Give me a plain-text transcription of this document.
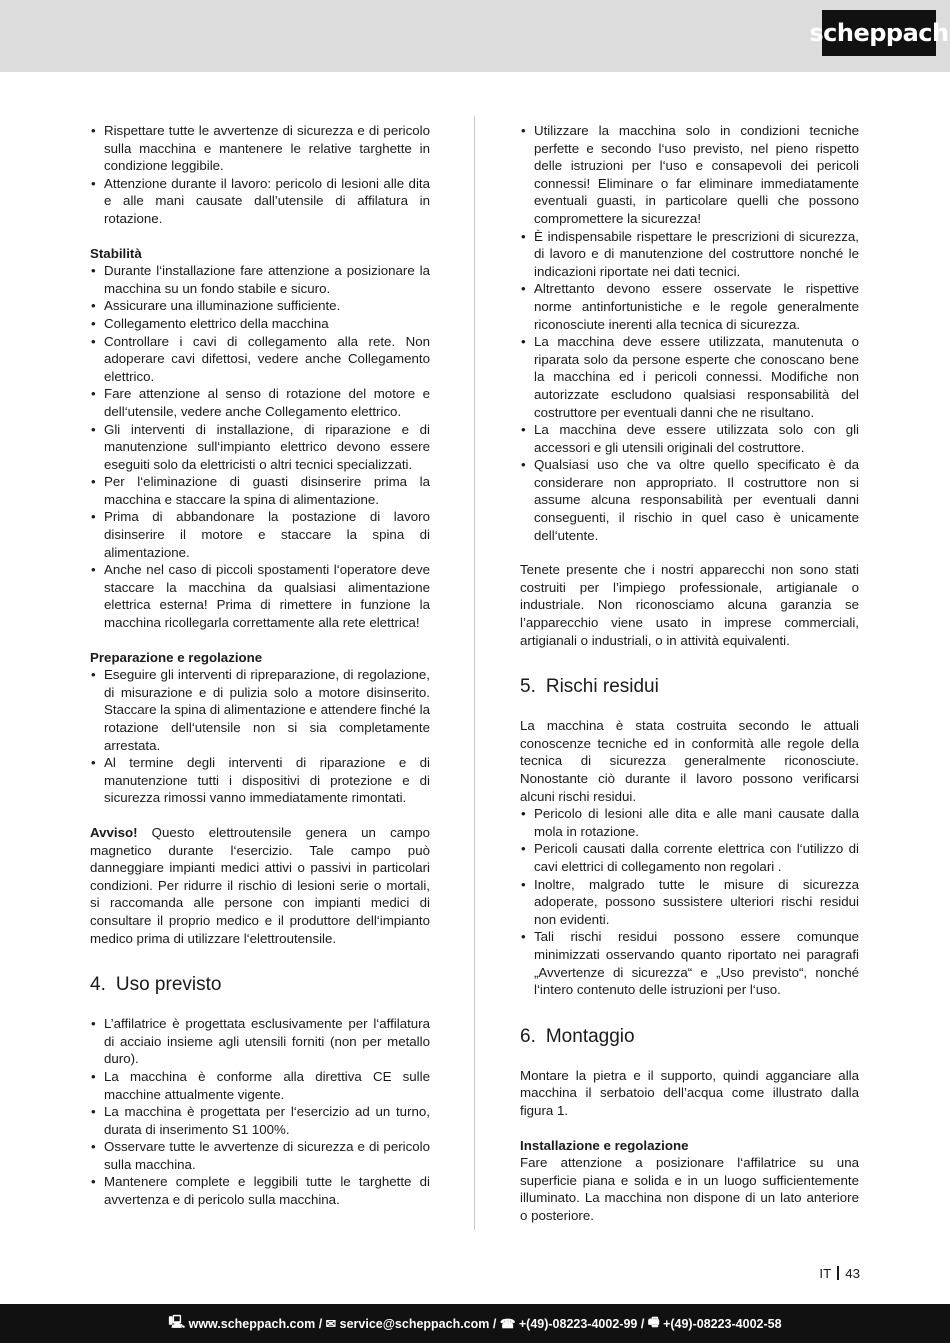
scheppach
• Rispettare tutte le avvertenze di sicurezza e di pericolo sulla macchina e mantenere le relative targhette in condizione leggibile.
• Attenzione durante il lavoro: pericolo di lesioni alle dita e alle mani causate dall’utensile di affilatura in rotazione.

Stabilità

• Durante l‘installazione fare attenzione a posizionare la macchina su un fondo stabile e sicuro.
• Assicurare una illuminazione sufficiente.
• Collegamento elettrico della macchina
• Controllare i cavi di collegamento alla rete. Non adoperare cavi difettosi, vedere anche Collegamento elettrico.
• Fare attenzione al senso di rotazione del motore e dell‘utensile, vedere anche Collegamento elettrico.
• Gli interventi di installazione, di riparazione e di manutenzione sull‘impianto elettrico devono essere eseguiti solo da elettricisti o altri tecnici specializzati.
• Per l‘eliminazione di guasti disinserire prima la macchina e staccare la spina di alimentazione.
• Prima di abbandonare la postazione di lavoro disinserire il motore e staccare la spina di alimentazione.
• Anche nel caso di piccoli spostamenti l‘operatore deve staccare la macchina da qualsiasi alimentazione elettrica esterna! Prima di rimettere in funzione la macchina ricollegarla correttamente alla rete elettrica!

Preparazione e regolazione

• Eseguire gli interventi di ripreparazione, di regolazione, di misurazione e di pulizia solo a motore disinserito. Staccare la spina di alimentazione e attendere finché la rotazione dell‘utensile non si sia completamente arrestata.
• Al termine degli interventi di riparazione e di manutenzione tutti i dispositivi di protezione e di sicurezza rimossi vanno immediatamente rimontati.

Avviso! Questo elettroutensile genera un campo magnetico durante l‘esercizio. Tale campo può danneggiare impianti medici attivi o passivi in particolari condizioni. Per ridurre il rischio di lesioni serie o mortali, si raccomanda alle persone con impianti medici di consultare il proprio medico e il produttore dell‘impianto medico prima di utilizzare l‘elettroutensile.

4. Uso previsto

• L’affilatrice è progettata esclusivamente per l‘affilatura di acciaio insieme agli utensili forniti (non per metallo duro).
• La macchina è conforme alla direttiva CE sulle macchine attualmente vigente.
• La macchina è progettata per l‘esercizio ad un turno, durata di inserimento S1 100%.
• Osservare tutte le avvertenze di sicurezza e di pericolo sulla macchina.
• Mantenere complete e leggibili tutte le targhette di avvertenza e di pericolo sulla macchina.
• Utilizzare la macchina solo in condizioni tecniche perfette e secondo l‘uso previsto, nel pieno rispetto delle istruzioni per l‘uso e consapevoli dei pericoli connessi! Eliminare o far eliminare immediatamente eventuali guasti, in particolare quelli che possono compromettere la sicurezza!
• È indispensabile rispettare le prescrizioni di sicurezza, di lavoro e di manutenzione del costruttore nonché le indicazioni riportate nei dati tecnici.
• Altrettanto devono essere osservate le rispettive norme antinfortunistiche e le regole generalmente riconosciute inerenti alla tecnica di sicurezza.
• La macchina deve essere utilizzata, manutenuta o riparata solo da persone esperte che conoscano bene la macchina ed i pericoli connessi. Modifiche non autorizzate escludono qualsiasi responsabilità del costruttore per eventuali danni che ne risultano.
• La macchina deve essere utilizzata solo con gli accessori e gli utensili originali del costruttore.
• Qualsiasi uso che va oltre quello specificato è da considerare non appropriato. Il costruttore non si assume alcuna responsabilità per eventuali danni conseguenti, il rischio in quel caso è unicamente dell‘utente.

Tenete presente che i nostri apparecchi non sono stati costruiti per l’impiego professionale, artigianale o industriale. Non riconosciamo alcuna garanzia se l’apparecchio viene usato in imprese commerciali, artigianali o industriali, o in attività equivalenti.

5. Rischi residui

La macchina è stata costruita secondo le attuali conoscenze tecniche ed in conformità alle regole della tecnica di sicurezza generalmente riconosciute. Nonostante ciò durante il lavoro possono verificarsi alcuni rischi residui.

• Pericolo di lesioni alle dita e alle mani causate dalla mola in rotazione.
• Pericoli causati dalla corrente elettrica con l‘utilizzo di cavi elettrici di collegamento non regolari .
• Inoltre, malgrado tutte le misure di sicurezza adoperate, possono sussistere ulteriori rischi residui non evidenti.
• Tali rischi residui possono essere comunque minimizzati osservando quanto riportato nei paragrafi „Avvertenze di sicurezza“ e „Uso previsto“, nonché l‘intero contenuto delle istruzioni per l‘uso.

6. Montaggio

Montare la pietra e il supporto, quindi agganciare alla macchina il serbatoio dell’acqua come illustrato dalla figura 1.

Installazione e regolazione

Fare attenzione a posizionare l‘affilatrice su una superficie piana e solida e in un luogo sufficientemente illuminato. La macchina non dispone di un lato anteriore o posteriore.

IT 43
🖳 www.scheppach.com / ✉ service@scheppach.com / ☎ +(49)-08223-4002-99 / 🖷 +(49)-08223-4002-58
